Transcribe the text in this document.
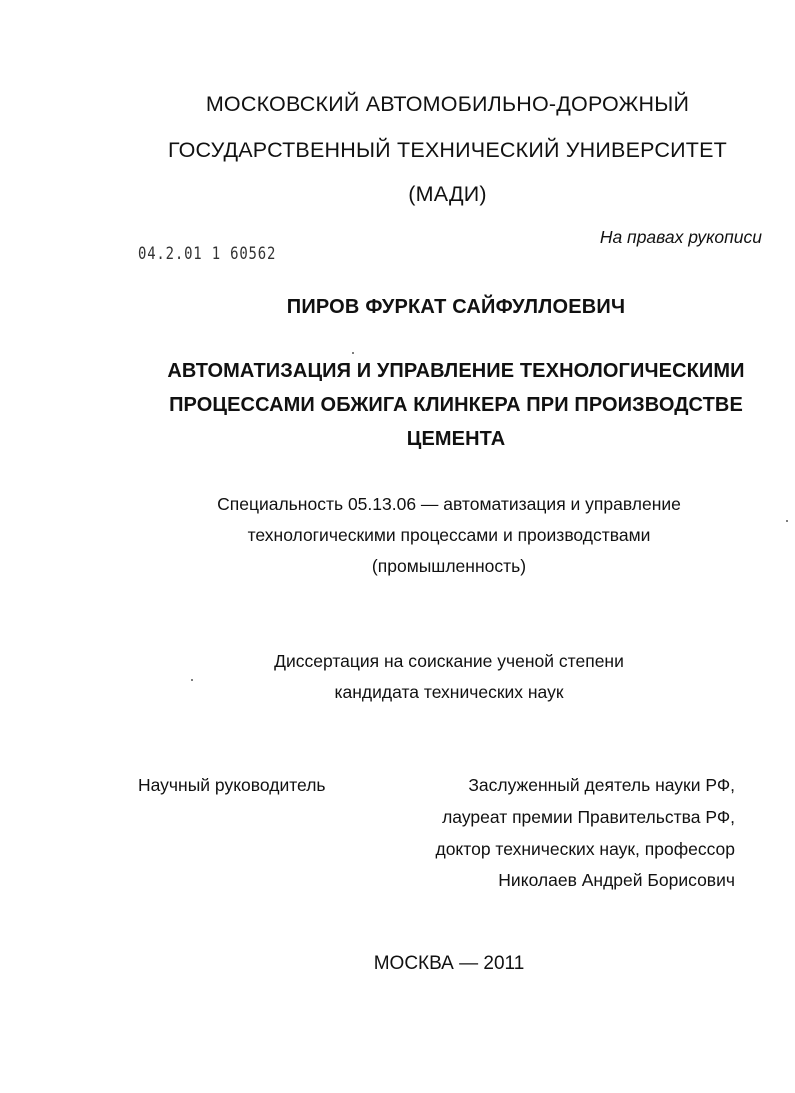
МОСКОВСКИЙ АВТОМОБИЛЬНО-ДОРОЖНЫЙ
ГОСУДАРСТВЕННЫЙ ТЕХНИЧЕСКИЙ УНИВЕРСИТЕТ
(МАДИ)
04.2.01 1 60562
На правах рукописи
ПИРОВ ФУРКАТ САЙФУЛЛОЕВИЧ
АВТОМАТИЗАЦИЯ И УПРАВЛЕНИЕ ТЕХНОЛОГИЧЕСКИМИ
ПРОЦЕССАМИ ОБЖИГА КЛИНКЕРА ПРИ ПРОИЗВОДСТВЕ
ЦЕМЕНТА
Специальность 05.13.06 — автоматизация и управление
технологическими процессами и производствами
(промышленность)
Диссертация на соискание ученой степени
кандидата технических наук
Научный руководитель	Заслуженный деятель науки РФ,
лауреат премии Правительства РФ,
доктор технических наук, профессор
Николаев Андрей Борисович
МОСКВА — 2011
